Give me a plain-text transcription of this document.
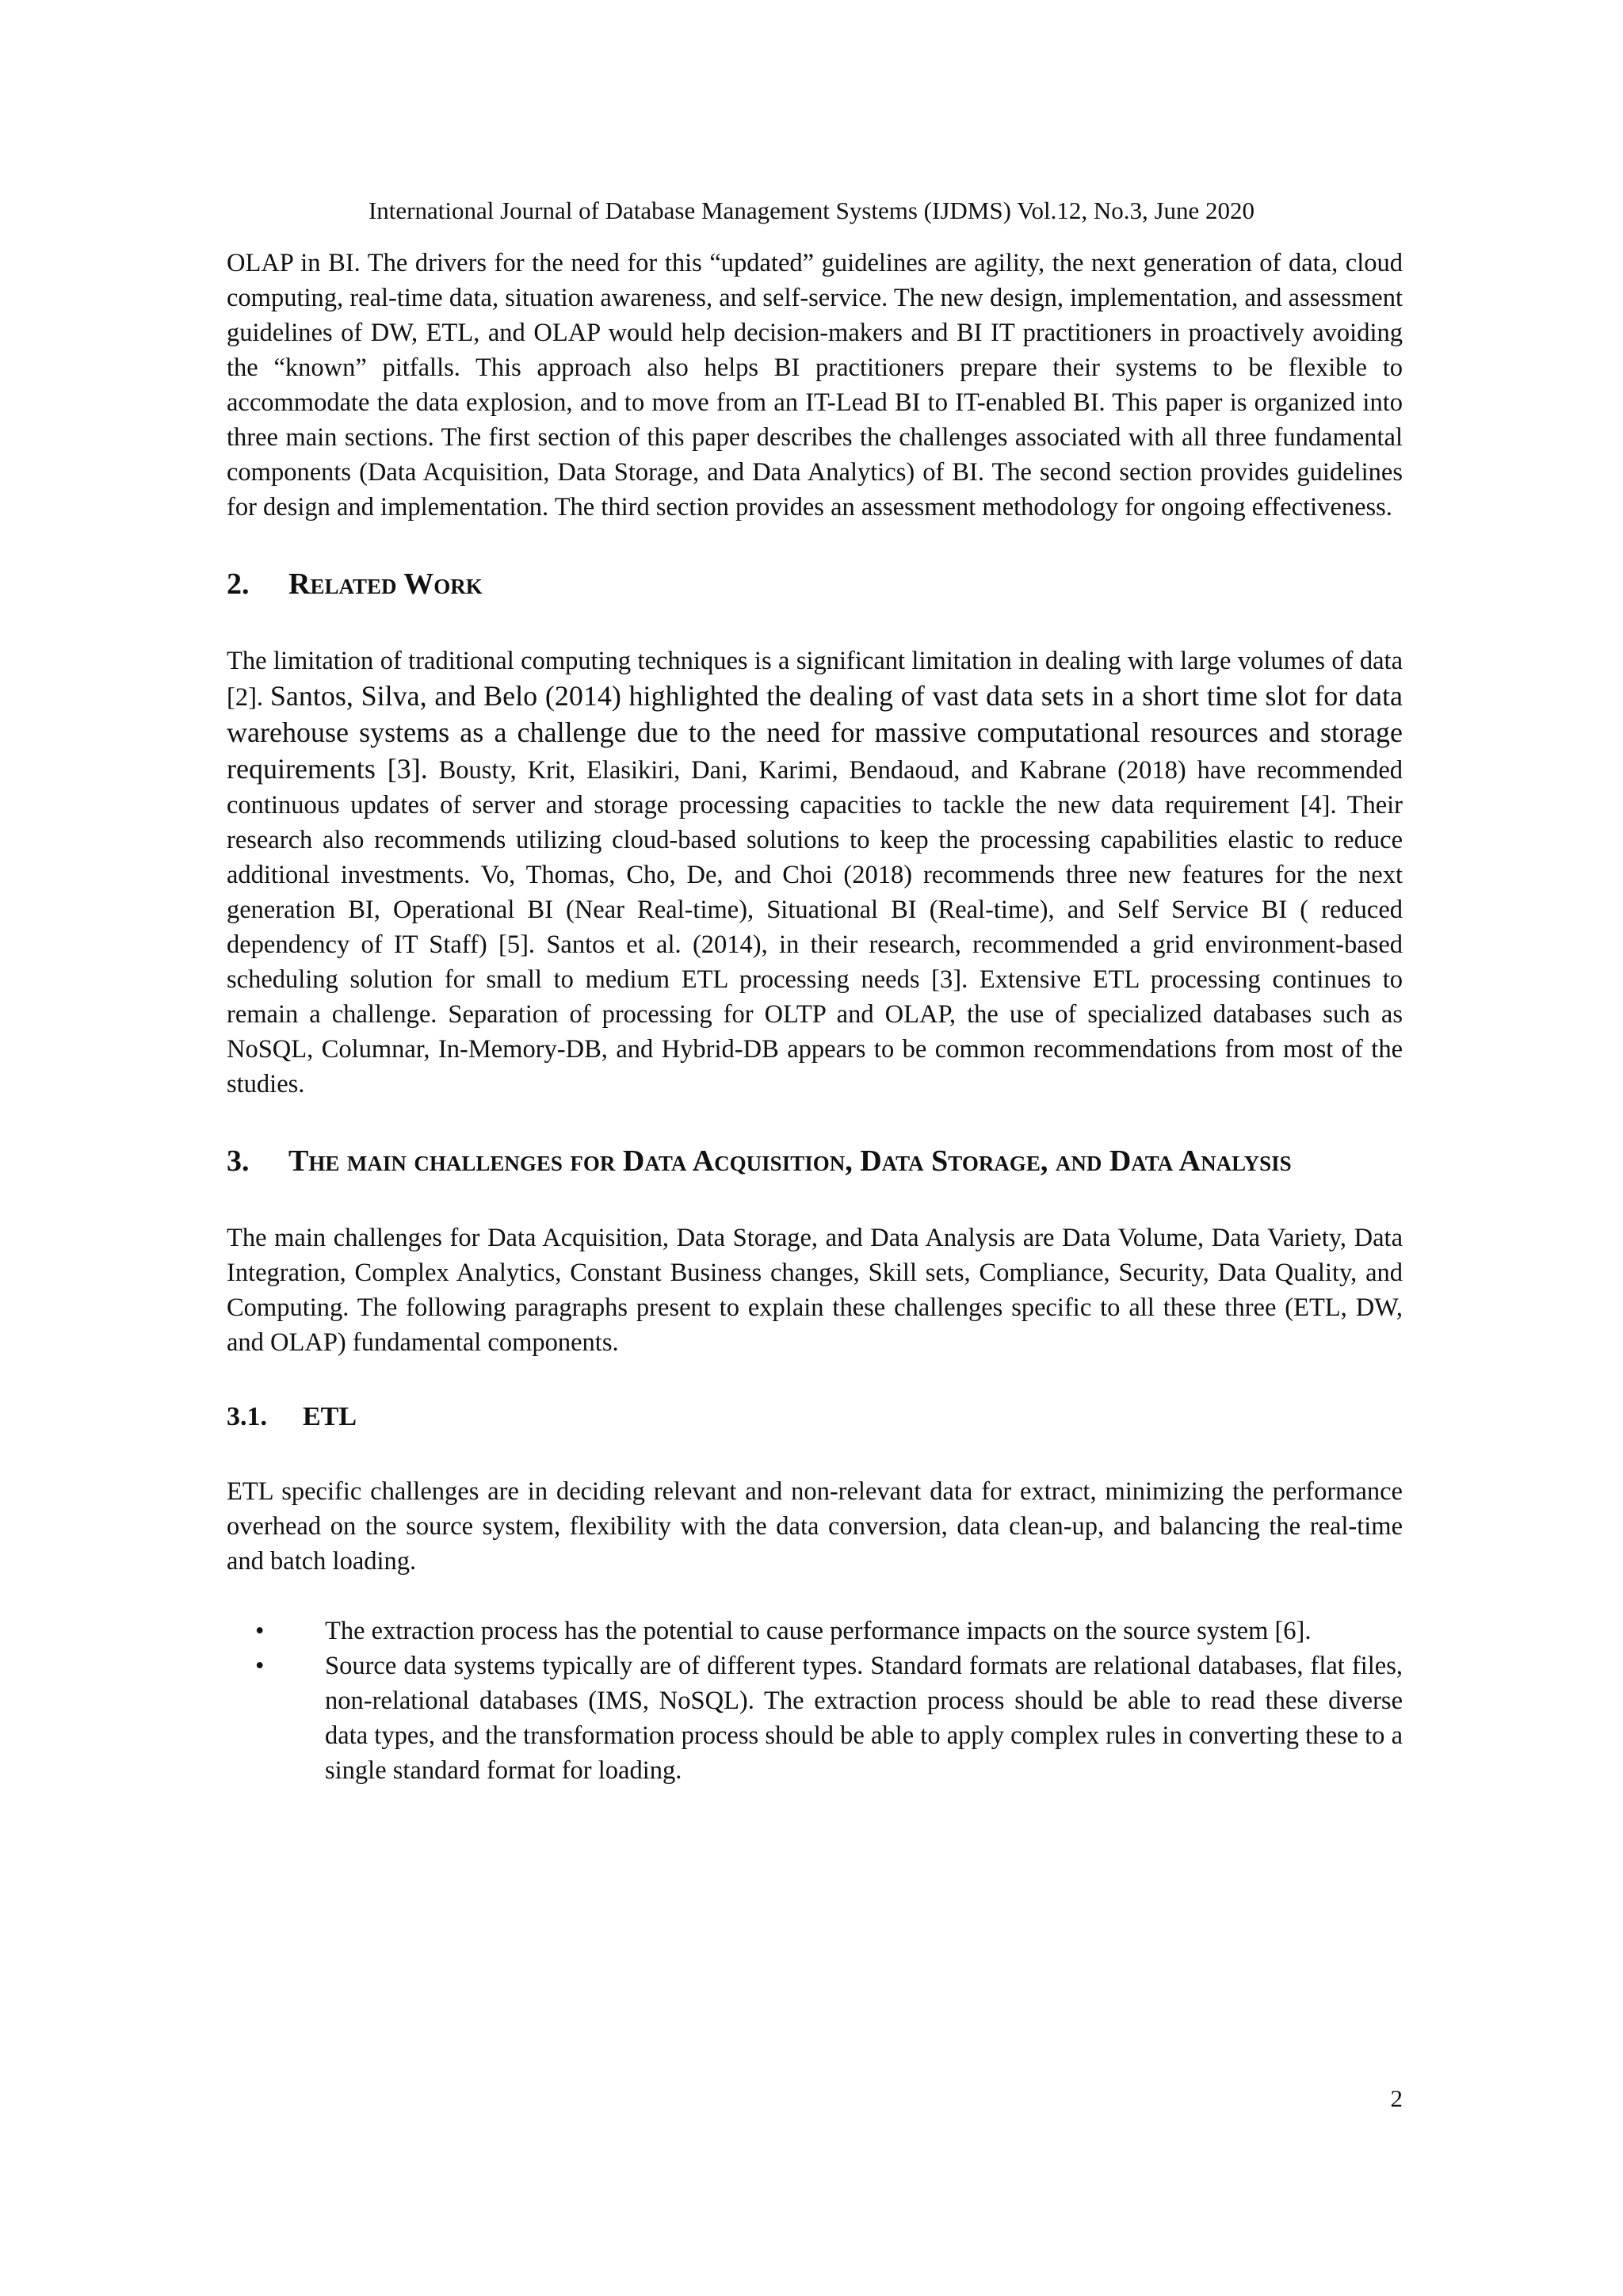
International Journal of Database Management Systems (IJDMS) Vol.12, No.3, June 2020

OLAP in BI. The drivers for the need for this “updated” guidelines are agility, the next generation of data, cloud computing, real-time data, situation awareness, and self-service. The new design, implementation, and assessment guidelines of DW, ETL, and OLAP would help decision-makers and BI IT practitioners in proactively avoiding the “known” pitfalls. This approach also helps BI practitioners prepare their systems to be flexible to accommodate the data explosion, and to move from an IT-Lead BI to IT-enabled BI. This paper is organized into three main sections. The first section of this paper describes the challenges associated with all three fundamental components (Data Acquisition, Data Storage, and Data Analytics) of BI. The second section provides guidelines for design and implementation. The third section provides an assessment methodology for ongoing effectiveness.

2.	Related Work

The limitation of traditional computing techniques is a significant limitation in dealing with large volumes of data [2]. Santos, Silva, and Belo (2014) highlighted the dealing of vast data sets in a short time slot for data warehouse systems as a challenge due to the need for massive computational resources and storage requirements [3]. Bousty, Krit, Elasikiri, Dani, Karimi, Bendaoud, and Kabrane (2018) have recommended continuous updates of server and storage processing capacities to tackle the new data requirement [4]. Their research also recommends utilizing cloud-based solutions to keep the processing capabilities elastic to reduce additional investments. Vo, Thomas, Cho, De, and Choi (2018) recommends three new features for the next generation BI, Operational BI (Near Real-time), Situational BI (Real-time), and Self Service BI ( reduced dependency of IT Staff) [5]. Santos et al. (2014), in their research, recommended a grid environment-based scheduling solution for small to medium ETL processing needs [3]. Extensive ETL processing continues to remain a challenge. Separation of processing for OLTP and OLAP, the use of specialized databases such as NoSQL, Columnar, In-Memory-DB, and Hybrid-DB appears to be common recommendations from most of the studies.

3.	The main challenges for Data Acquisition, Data Storage, and Data Analysis

The main challenges for Data Acquisition, Data Storage, and Data Analysis are Data Volume, Data Variety, Data Integration, Complex Analytics, Constant Business changes, Skill sets, Compliance, Security, Data Quality, and Computing. The following paragraphs present to explain these challenges specific to all these three (ETL, DW, and OLAP) fundamental components.

3.1.	ETL

ETL specific challenges are in deciding relevant and non-relevant data for extract, minimizing the performance overhead on the source system, flexibility with the data conversion, data clean-up, and balancing the real-time and batch loading.

•	The extraction process has the potential to cause performance impacts on the source system [6].
•	Source data systems typically are of different types. Standard formats are relational databases, flat files, non-relational databases (IMS, NoSQL). The extraction process should be able to read these diverse data types, and the transformation process should be able to apply complex rules in converting these to a single standard format for loading.

2
